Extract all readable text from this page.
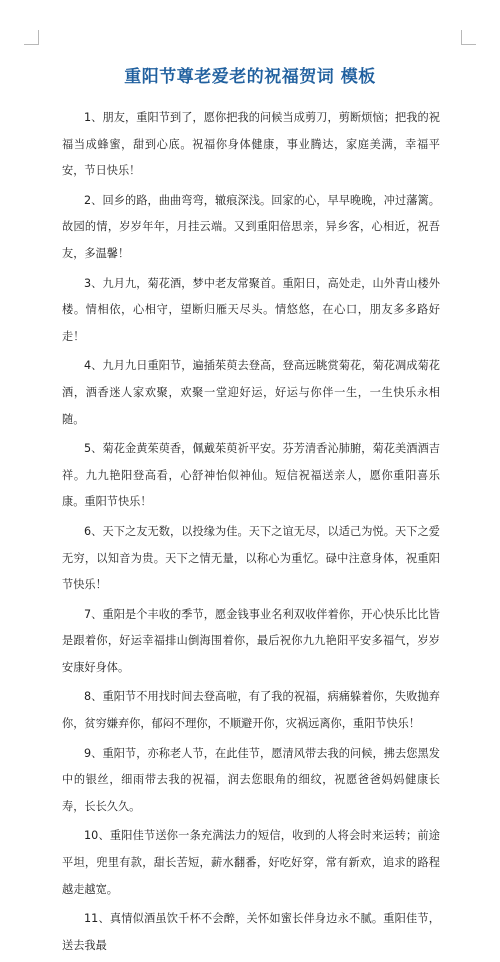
重阳节尊老爱老的祝福贺词 模板

1、朋友，重阳节到了，愿你把我的问候当成剪刀，剪断烦恼；把我的祝福当成蜂蜜，甜到心底。祝福你身体健康，事业腾达，家庭美满，幸福平安，节日快乐！

2、回乡的路，曲曲弯弯，辙痕深浅。回家的心，早早晚晚，冲过藩篱。故园的情，岁岁年年，月挂云端。又到重阳倍思亲，异乡客，心相近，祝吾友，多温馨！

3、九月九，菊花酒，梦中老友常聚首。重阳日，高处走，山外青山楼外楼。情相依，心相守，望断归雁天尽头。情悠悠，在心口，朋友多多路好走！

4、九月九日重阳节，遍插茱萸去登高，登高远眺赏菊花，菊花凋成菊花酒，酒香迷人家欢聚，欢聚一堂迎好运，好运与你伴一生，一生快乐永相随。

5、菊花金黄茱萸香，佩戴茱萸祈平安。芬芳清香沁肺腑，菊花美酒酒吉祥。九九艳阳登高看，心舒神怡似神仙。短信祝福送亲人，愿你重阳喜乐康。重阳节快乐！

6、天下之友无数，以投缘为佳。天下之谊无尽，以适己为悦。天下之爱无穷，以知音为贵。天下之情无量，以称心为重忆。碌中注意身体，祝重阳节快乐！

7、重阳是个丰收的季节，愿金钱事业名利双收伴着你，开心快乐比比皆是跟着你，好运幸福排山倒海围着你，最后祝你九九艳阳平安多福气，岁岁安康好身体。

8、重阳节不用找时间去登高啦，有了我的祝福，病痛躲着你，失败抛弃你，贫穷嫌弃你，郁闷不理你，不顺避开你，灾祸远离你，重阳节快乐！

9、重阳节，亦称老人节，在此佳节，愿清风带去我的问候，拂去您黑发中的银丝，细雨带去我的祝福，润去您眼角的细纹，祝愿爸爸妈妈健康长寿，长长久久。

10、重阳佳节送你一条充满法力的短信，收到的人将会时来运转；前途平坦，兜里有款，甜长苦短，薪水翻番，好吃好穿，常有新欢，追求的路程越走越宽。

11、真情似酒虽饮千杯不会醉，关怀如蜜长伴身边永不腻。重阳佳节，送去我最
